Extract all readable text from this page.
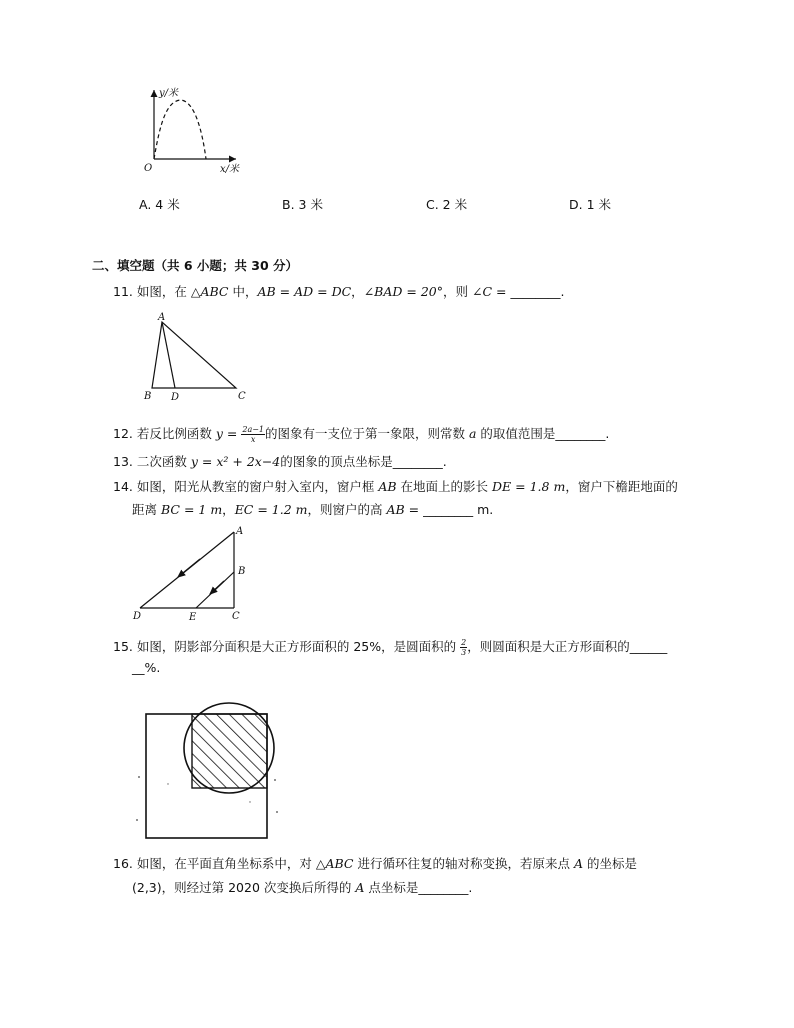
y/米
x/米
O
A. 4 米	B. 3 米	C. 2 米	D. 1 米
二、填空题（共 6 小题；共 30 分）
11. 如图，在 △ABC 中，AB = AD = DC，∠BAD = 20°，则 ∠C = ________.
A
B D	C
12. 若反比例函数 $y = \frac{2a-1}{x}$ 的图象有一支位于第一象限，则常数 a 的取值范围是________.
13. 二次函数 y = x² + 2x−4的图象的顶点坐标是________.
14. 如图，阳光从教室的窗户射入室内，窗户框 AB 在地面上的影长 DE = 1.8 m，窗户下檐距地面的
距离 BC = 1 m，EC = 1.2 m，则窗户的高 AB = ________ m.
A
B
C
D	E
15. 如图，阴影部分面积是大正方形面积的 25%，是圆面积的 $\frac{2}{3}$ ，则圆面积是大正方形面积的______
__%.
16. 如图，在平面直角坐标系中，对 △ABC 进行循环往复的轴对称变换，若原来点 A 的坐标是
(2,3)，则经过第 2020 次变换后所得的 A 点坐标是________.
